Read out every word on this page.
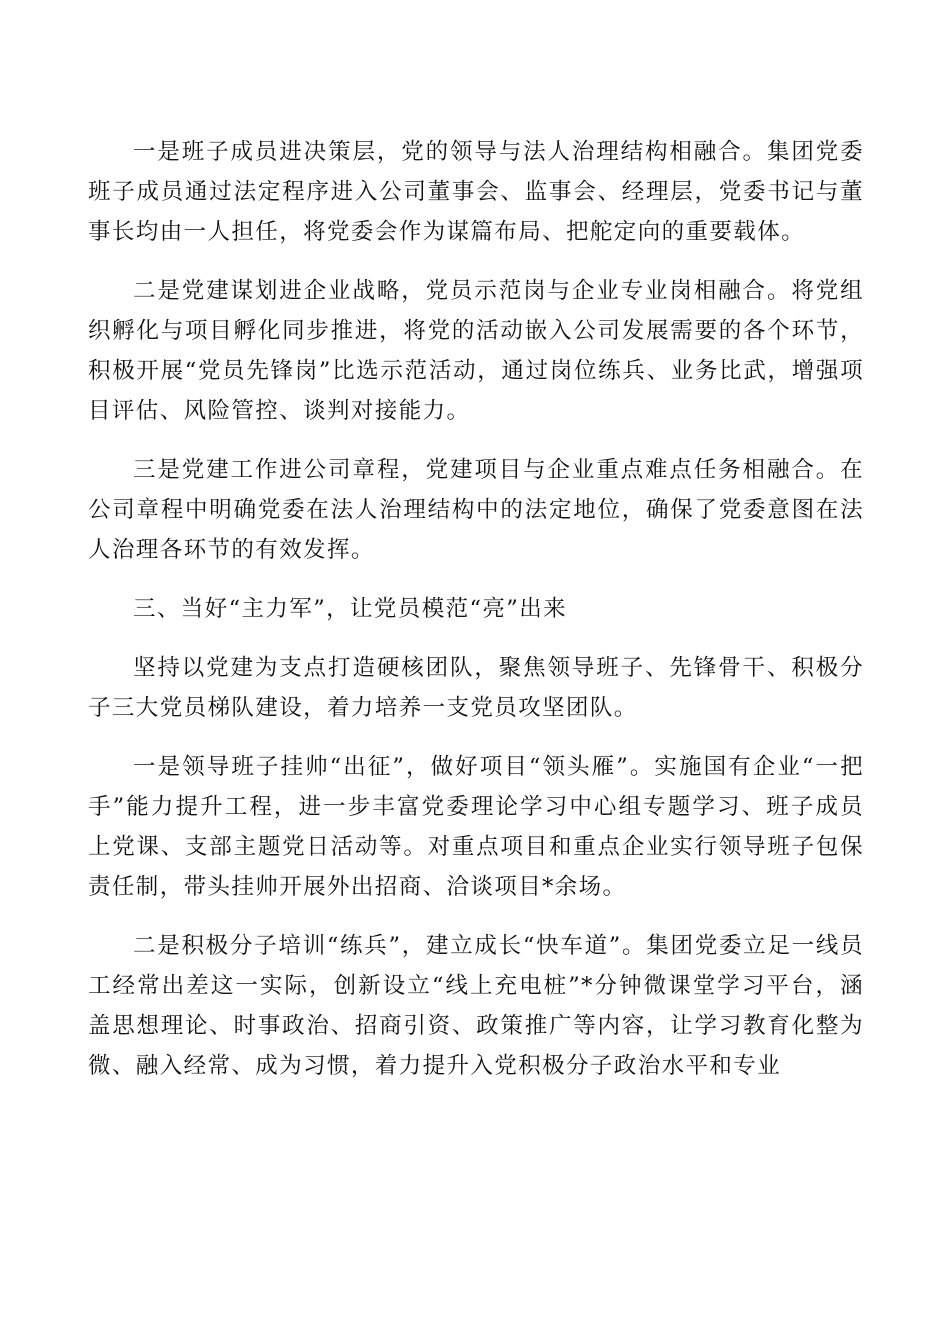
一是班子成员进决策层，党的领导与法人治理结构相融合。集团党委班子成员通过法定程序进入公司董事会、监事会、经理层，党委书记与董事长均由一人担任，将党委会作为谋篇布局、把舵定向的重要载体。

二是党建谋划进企业战略，党员示范岗与企业专业岗相融合。将党组织孵化与项目孵化同步推进，将党的活动嵌入公司发展需要的各个环节，积极开展“党员先锋岗”比选示范活动，通过岗位练兵、业务比武，增强项目评估、风险管控、谈判对接能力。

三是党建工作进公司章程，党建项目与企业重点难点任务相融合。在公司章程中明确党委在法人治理结构中的法定地位，确保了党委意图在法人治理各环节的有效发挥。

三、当好“主力军”，让党员模范“亮”出来

坚持以党建为支点打造硬核团队，聚焦领导班子、先锋骨干、积极分子三大党员梯队建设，着力培养一支党员攻坚团队。

一是领导班子挂帅“出征”，做好项目“领头雁”。实施国有企业“一把手”能力提升工程，进一步丰富党委理论学习中心组专题学习、班子成员上党课、支部主题党日活动等。对重点项目和重点企业实行领导班子包保责任制，带头挂帅开展外出招商、洽谈项目*余场。

二是积极分子培训“练兵”，建立成长“快车道”。集团党委立足一线员工经常出差这一实际，创新设立“线上充电桩”*分钟微课堂学习平台，涵盖思想理论、时事政治、招商引资、政策推广等内容，让学习教育化整为微、融入经常、成为习惯，着力提升入党积极分子政治水平和专业
